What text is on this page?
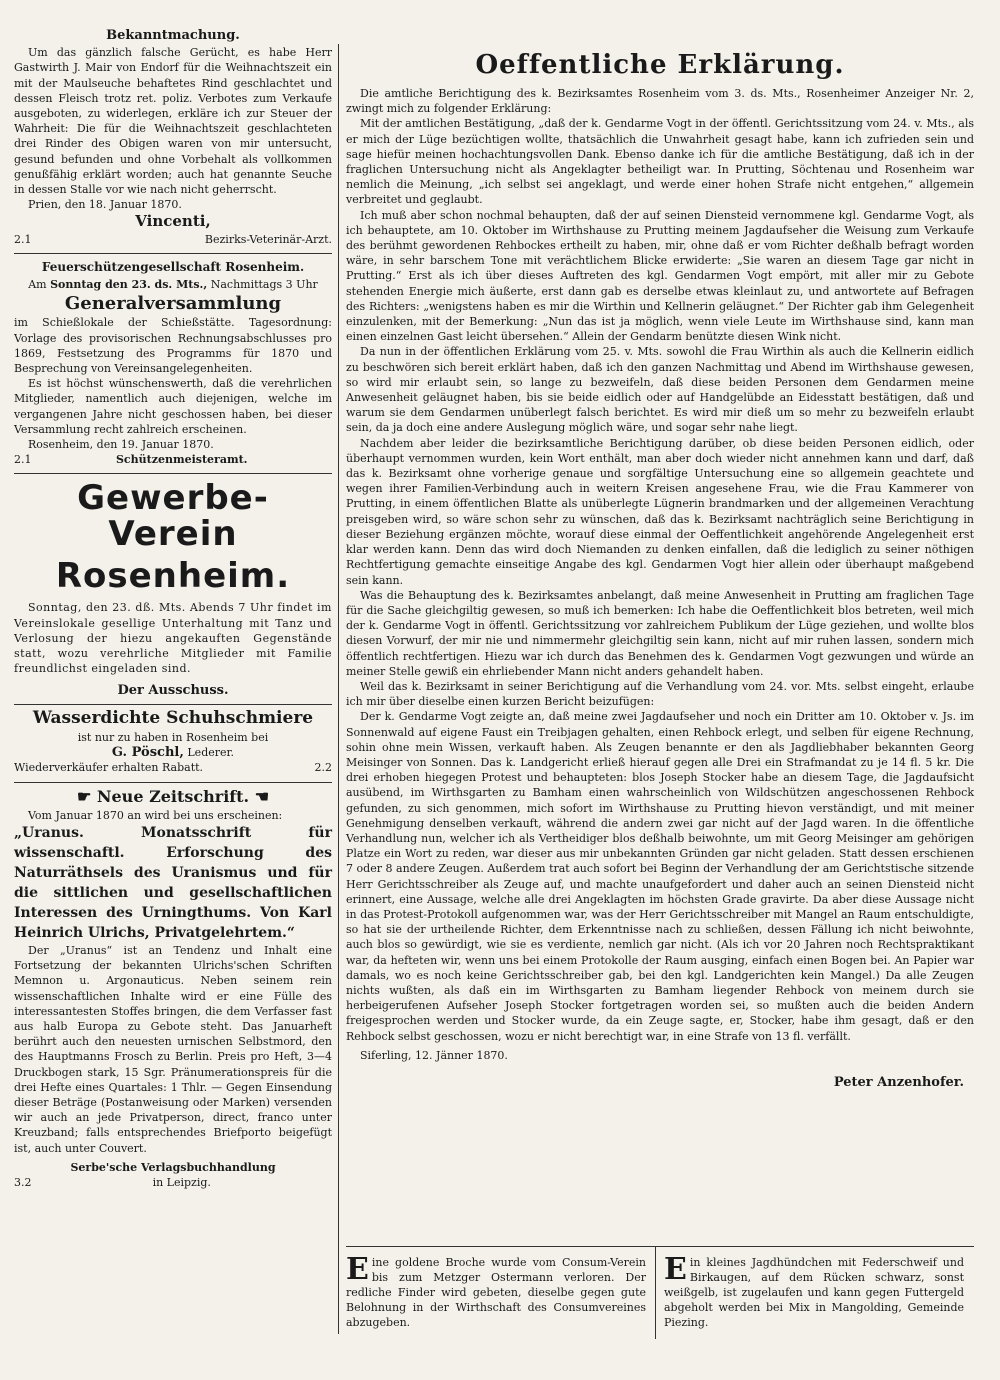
Bekanntmachung.

Um das gänzlich falsche Gerücht, es habe Herr Gastwirth J. Mair von Endorf für die Weihnachtszeit ein mit der Maulseuche behaftetes Rind geschlachtet und dessen Fleisch trotz ret. poliz. Verbotes zum Verkaufe ausgeboten, zu widerlegen, erkläre ich zur Steuer der Wahrheit: Die für die Weihnachtszeit geschlachteten drei Rinder des Obigen waren von mir untersucht, gesund befunden und ohne Vorbehalt als vollkommen genußfähig erklärt worden; auch hat genannte Seuche in dessen Stalle vor wie nach nicht geherrscht.

Prien, den 18. Januar 1870.

Vincenti,
2.1	Bezirks-Veterinär-Arzt.
Feuerschützengesellschaft Rosenheim.

Am Sonntag den 23. ds. Mts., Nachmittags 3 Uhr

Generalversammlung

im Schießlokale der Schießstätte. Tagesordnung: Vorlage des provisorischen Rechnungsabschlusses pro 1869, Festsetzung des Programms für 1870 und Besprechung von Vereinsangelegenheiten.

Es ist höchst wünschenswerth, daß die verehrlichen Mitglieder, namentlich auch diejenigen, welche im vergangenen Jahre nicht geschossen haben, bei dieser Versammlung recht zahlreich erscheinen.

Rosenheim, den 19. Januar 1870.

2.1	Schützenmeisteramt.
Gewerbe-Verein
Rosenheim.

Sonntag, den 23. dß. Mts. Abends 7 Uhr findet im Vereinslokale gesellige Unterhaltung mit Tanz und Verlosung der hiezu angekauften Gegenstände statt, wozu verehrliche Mitglieder mit Familie freundlichst eingeladen sind.

Der Ausschuss.
Wasserdichte Schuhschmiere

ist nur zu haben in Rosenheim bei

G. Pöschl, Lederer.

Wiederverkäufer erhalten Rabatt.	2.2
☛ Neue Zeitschrift. ☚

Vom Januar 1870 an wird bei uns erscheinen:

„Uranus. Monatsschrift für wissenschaftl. Erforschung des Naturräthsels des Uranismus und für die sittlichen und gesellschaftlichen Interessen des Urningthums. Von Karl Heinrich Ulrichs, Privatgelehrtem.“

Der „Uranus“ ist an Tendenz und Inhalt eine Fortsetzung der bekannten Ulrichs'schen Schriften Memnon u. Argonauticus. Neben seinem rein wissenschaftlichen Inhalte wird er eine Fülle des interessantesten Stoffes bringen, die dem Verfasser fast aus halb Europa zu Gebote steht. Das Januarheft berührt auch den neuesten urnischen Selbstmord, den des Hauptmanns Frosch zu Berlin. Preis pro Heft, 3—4 Druckbogen stark, 15 Sgr. Pränumerationspreis für die drei Hefte eines Quartales: 1 Thlr. — Gegen Einsendung dieser Beträge (Postanweisung oder Marken) versenden wir auch an jede Privatperson, direct, franco unter Kreuzband; falls entsprechendes Briefporto beigefügt ist, auch unter Couvert.

Serbe'sche Verlagsbuchhandlung
3.2	in Leipzig.
Oeffentliche Erklärung.

Die amtliche Berichtigung des k. Bezirksamtes Rosenheim vom 3. ds. Mts., Rosenheimer Anzeiger Nr. 2, zwingt mich zu folgender Erklärung:

Mit der amtlichen Bestätigung, „daß der k. Gendarme Vogt in der öffentl. Gerichtssitzung vom 24. v. Mts., als er mich der Lüge bezüchtigen wollte, thatsächlich die Unwahrheit gesagt habe, kann ich zufrieden sein und sage hiefür meinen hochachtungsvollen Dank. Ebenso danke ich für die amtliche Bestätigung, daß ich in der fraglichen Untersuchung nicht als Angeklagter betheiligt war. In Prutting, Söchtenau und Rosenheim war nemlich die Meinung, „ich selbst sei angeklagt, und werde einer hohen Strafe nicht entgehen,“ allgemein verbreitet und geglaubt.

Ich muß aber schon nochmal behaupten, daß der auf seinen Diensteid vernommene kgl. Gendarme Vogt, als ich behauptete, am 10. Oktober im Wirthshause zu Prutting meinem Jagdaufseher die Weisung zum Verkaufe des berühmt gewordenen Rehbockes ertheilt zu haben, mir, ohne daß er vom Richter deßhalb befragt worden wäre, in sehr barschem Tone mit verächtlichem Blicke erwiderte: „Sie waren an diesem Tage gar nicht in Prutting.“ Erst als ich über dieses Auftreten des kgl. Gendarmen Vogt empört, mit aller mir zu Gebote stehenden Energie mich äußerte, erst dann gab es derselbe etwas kleinlaut zu, und antwortete auf Befragen des Richters: „wenigstens haben es mir die Wirthin und Kellnerin geläugnet.“ Der Richter gab ihm Gelegenheit einzulenken, mit der Bemerkung: „Nun das ist ja möglich, wenn viele Leute im Wirthshause sind, kann man einen einzelnen Gast leicht übersehen.“ Allein der Gendarm benützte diesen Wink nicht.

Da nun in der öffentlichen Erklärung vom 25. v. Mts. sowohl die Frau Wirthin als auch die Kellnerin eidlich zu beschwören sich bereit erklärt haben, daß ich den ganzen Nachmittag und Abend im Wirthshause gewesen, so wird mir erlaubt sein, so lange zu bezweifeln, daß diese beiden Personen dem Gendarmen meine Anwesenheit geläugnet haben, bis sie beide eidlich oder auf Handgelübde an Eidesstatt bestätigen, daß und warum sie dem Gendarmen unüberlegt falsch berichtet. Es wird mir dieß um so mehr zu bezweifeln erlaubt sein, da ja doch eine andere Auslegung möglich wäre, und sogar sehr nahe liegt.

Nachdem aber leider die bezirksamtliche Berichtigung darüber, ob diese beiden Personen eidlich, oder überhaupt vernommen wurden, kein Wort enthält, man aber doch wieder nicht annehmen kann und darf, daß das k. Bezirksamt ohne vorherige genaue und sorgfältige Untersuchung eine so allgemein geachtete und wegen ihrer Familien-Verbindung auch in weitern Kreisen angesehene Frau, wie die Frau Kammerer von Prutting, in einem öffentlichen Blatte als unüberlegte Lügnerin brandmarken und der allgemeinen Verachtung preisgeben wird, so wäre schon sehr zu wünschen, daß das k. Bezirksamt nachträglich seine Berichtigung in dieser Beziehung ergänzen möchte, worauf diese einmal der Oeffentlichkeit angehörende Angelegenheit erst klar werden kann. Denn das wird doch Niemanden zu denken einfallen, daß die lediglich zu seiner nöthigen Rechtfertigung gemachte einseitige Angabe des kgl. Gendarmen Vogt hier allein oder überhaupt maßgebend sein kann.

Was die Behauptung des k. Bezirksamtes anbelangt, daß meine Anwesenheit in Prutting am fraglichen Tage für die Sache gleichgiltig gewesen, so muß ich bemerken: Ich habe die Oeffentlichkeit blos betreten, weil mich der k. Gendarme Vogt in öffentl. Gerichtssitzung vor zahlreichem Publikum der Lüge geziehen, und wollte blos diesen Vorwurf, der mir nie und nimmermehr gleichgiltig sein kann, nicht auf mir ruhen lassen, sondern mich öffentlich rechtfertigen. Hiezu war ich durch das Benehmen des k. Gendarmen Vogt gezwungen und würde an meiner Stelle gewiß ein ehrliebender Mann nicht anders gehandelt haben.

Weil das k. Bezirksamt in seiner Berichtigung auf die Verhandlung vom 24. vor. Mts. selbst eingeht, erlaube ich mir über dieselbe einen kurzen Bericht beizufügen:

Der k. Gendarme Vogt zeigte an, daß meine zwei Jagdaufseher und noch ein Dritter am 10. Oktober v. Js. im Sonnenwald auf eigene Faust ein Treibjagen gehalten, einen Rehbock erlegt, und selben für eigene Rechnung, sohin ohne mein Wissen, verkauft haben. Als Zeugen benannte er den als Jagdliebhaber bekannten Georg Meisinger von Sonnen. Das k. Landgericht erließ hierauf gegen alle Drei ein Strafmandat zu je 14 fl. 5 kr. Die drei erhoben hiegegen Protest und behaupteten: blos Joseph Stocker habe an diesem Tage, die Jagdaufsicht ausübend, im Wirthsgarten zu Bamham einen wahrscheinlich von Wildschützen angeschossenen Rehbock gefunden, zu sich genommen, mich sofort im Wirthshause zu Prutting hievon verständigt, und mit meiner Genehmigung denselben verkauft, während die andern zwei gar nicht auf der Jagd waren. In die öffentliche Verhandlung nun, welcher ich als Vertheidiger blos deßhalb beiwohnte, um mit Georg Meisinger am gehörigen Platze ein Wort zu reden, war dieser aus mir unbekannten Gründen gar nicht geladen. Statt dessen erschienen 7 oder 8 andere Zeugen. Außerdem trat auch sofort bei Beginn der Verhandlung der am Gerichtstische sitzende Herr Gerichtsschreiber als Zeuge auf, und machte unaufgefordert und daher auch an seinen Diensteid nicht erinnert, eine Aussage, welche alle drei Angeklagten im höchsten Grade gravirte. Da aber diese Aussage nicht in das Protest-Protokoll aufgenommen war, was der Herr Gerichtsschreiber mit Mangel an Raum entschuldigte, so hat sie der urtheilende Richter, dem Erkenntnisse nach zu schließen, dessen Fällung ich nicht beiwohnte, auch blos so gewürdigt, wie sie es verdiente, nemlich gar nicht. (Als ich vor 20 Jahren noch Rechtspraktikant war, da hefteten wir, wenn uns bei einem Protokolle der Raum ausging, einfach einen Bogen bei. An Papier war damals, wo es noch keine Gerichtsschreiber gab, bei den kgl. Landgerichten kein Mangel.) Da alle Zeugen nichts wußten, als daß ein im Wirthsgarten zu Bamham liegender Rehbock von meinem durch sie herbeigerufenen Aufseher Joseph Stocker fortgetragen worden sei, so mußten auch die beiden Andern freigesprochen werden und Stocker wurde, da ein Zeuge sagte, er, Stocker, habe ihm gesagt, daß er den Rehbock selbst geschossen, wozu er nicht berechtigt war, in eine Strafe von 13 fl. verfällt.

Siferling, 12. Jänner 1870.

Peter Anzenhofer.
Eine goldene Broche wurde vom Consum-Verein bis zum Metzger Ostermann verloren. Der redliche Finder wird gebeten, dieselbe gegen gute Belohnung in der Wirthschaft des Consumvereines abzugeben.
Ein kleines Jagdhündchen mit Federschweif und Birkaugen, auf dem Rücken schwarz, sonst weißgelb, ist zugelaufen und kann gegen Futtergeld abgeholt werden bei Mix in Mangolding, Gemeinde Piezing.
